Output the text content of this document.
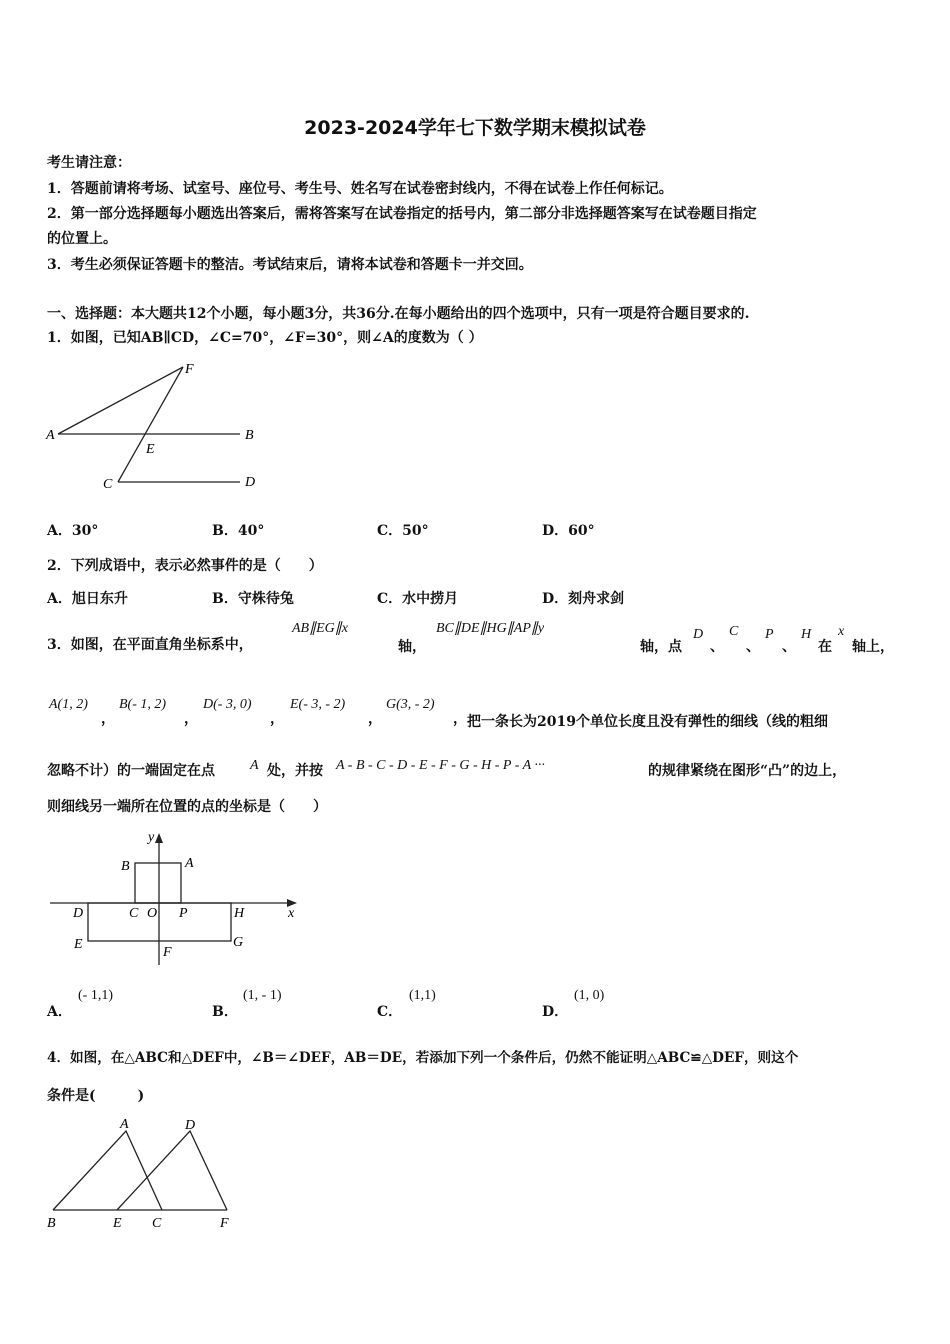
2023-2024学年七下数学期末模拟试卷
考生请注意：
1．答题前请将考场、试室号、座位号、考生号、姓名写在试卷密封线内，不得在试卷上作任何标记。
2．第一部分选择题每小题选出答案后，需将答案写在试卷指定的括号内，第二部分非选择题答案写在试卷题目指定
的位置上。
3．考生必须保证答题卡的整洁。考试结束后，请将本试卷和答题卡一并交回。
一、选择题：本大题共12个小题，每小题3分，共36分.在每小题给出的四个选项中，只有一项是符合题目要求的.
1．如图，已知AB∥CD，∠C=70°，∠F=30°，则∠A的度数为（ ）
F
A	B
E
C	D
A．30°	B．40°	C．50°	D．60°
2．下列成语中，表示必然事件的是（　　）
A．旭日东升	B．守株待兔	C．水中捞月	D．刻舟求剑
3．如图，在平面直角坐标系中，
AB∥EG∥x
轴，
BC∥DE∥HG∥AP∥y
轴，点
D
、
C
、
P
、
H
在
x
轴上，
A(1, 2)
，
B(- 1, 2)
，
D(- 3, 0)
，
E(- 3, - 2)
，
G(3, - 2)
， 把一条长为2019个单位长度且没有弹性的细线（线的粗细
忽略不计）的一端固定在点	A 处，并按 A - B - C - D - E - F - G - H - P - A ···	的规律紧绕在图形“凸”的边上，
则细线另一端所在位置的点的坐标是（　　）
y
x
B	A
C O P
D	H
E
F
G
A．
(- 1,1)
B．
(1, - 1)
C．
(1,1)
D．
(1, 0)
4．如图，在△ABC和△DEF中，∠B＝∠DEF，AB＝DE，若添加下列一个条件后，仍然不能证明△ABC≌△DEF，则这个
条件是(　　　)
A	D
B	E C	F
